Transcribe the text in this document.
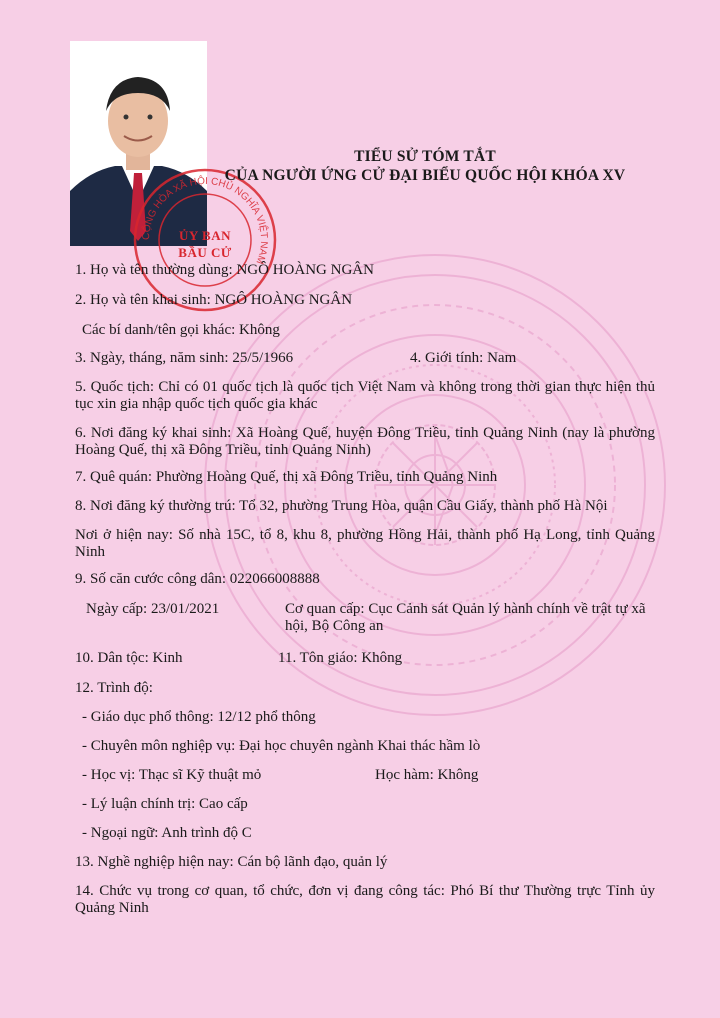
CỘNG HÒA XÃ HỘI CHỦ NGHĨA VIỆT NAM
ỦY BAN
BẦU CỬ
TIỂU SỬ TÓM TẮT
CỦA NGƯỜI ỨNG CỬ ĐẠI BIỂU QUỐC HỘI KHÓA XV
1. Họ và tên thường dùng: NGÔ HOÀNG NGÂN
2. Họ và tên khai sinh: NGÔ HOÀNG NGÂN
Các bí danh/tên gọi khác: Không
3. Ngày, tháng, năm sinh: 25/5/1966	4. Giới tính: Nam
5. Quốc tịch: Chỉ có 01 quốc tịch là quốc tịch Việt Nam và không trong thời gian thực hiện thủ tục xin gia nhập quốc tịch quốc gia khác
6. Nơi đăng ký khai sinh: Xã Hoàng Quế, huyện Đông Triều, tỉnh Quảng Ninh (nay là phường Hoàng Quế, thị xã Đông Triều, tỉnh Quảng Ninh)
7. Quê quán: Phường Hoàng Quế, thị xã Đông Triều, tỉnh Quảng Ninh
8. Nơi đăng ký thường trú: Tổ 32, phường Trung Hòa, quận Cầu Giấy, thành phố Hà Nội
Nơi ở hiện nay: Số nhà 15C, tổ 8, khu 8, phường Hồng Hải, thành phố Hạ Long, tỉnh Quảng Ninh
9. Số căn cước công dân: 022066008888
Ngày cấp: 23/01/2021	Cơ quan cấp: Cục Cảnh sát Quản lý hành chính về trật tự xã hội, Bộ Công an
10. Dân tộc: Kinh	11. Tôn giáo: Không
12. Trình độ:
- Giáo dục phổ thông: 12/12 phổ thông
- Chuyên môn nghiệp vụ: Đại học chuyên ngành Khai thác hầm lò
- Học vị: Thạc sĩ Kỹ thuật mỏ	Học hàm: Không
- Lý luận chính trị: Cao cấp
- Ngoại ngữ: Anh trình độ C
13. Nghề nghiệp hiện nay: Cán bộ lãnh đạo, quản lý
14. Chức vụ trong cơ quan, tổ chức, đơn vị đang công tác: Phó Bí thư Thường trực Tỉnh ủy Quảng Ninh
